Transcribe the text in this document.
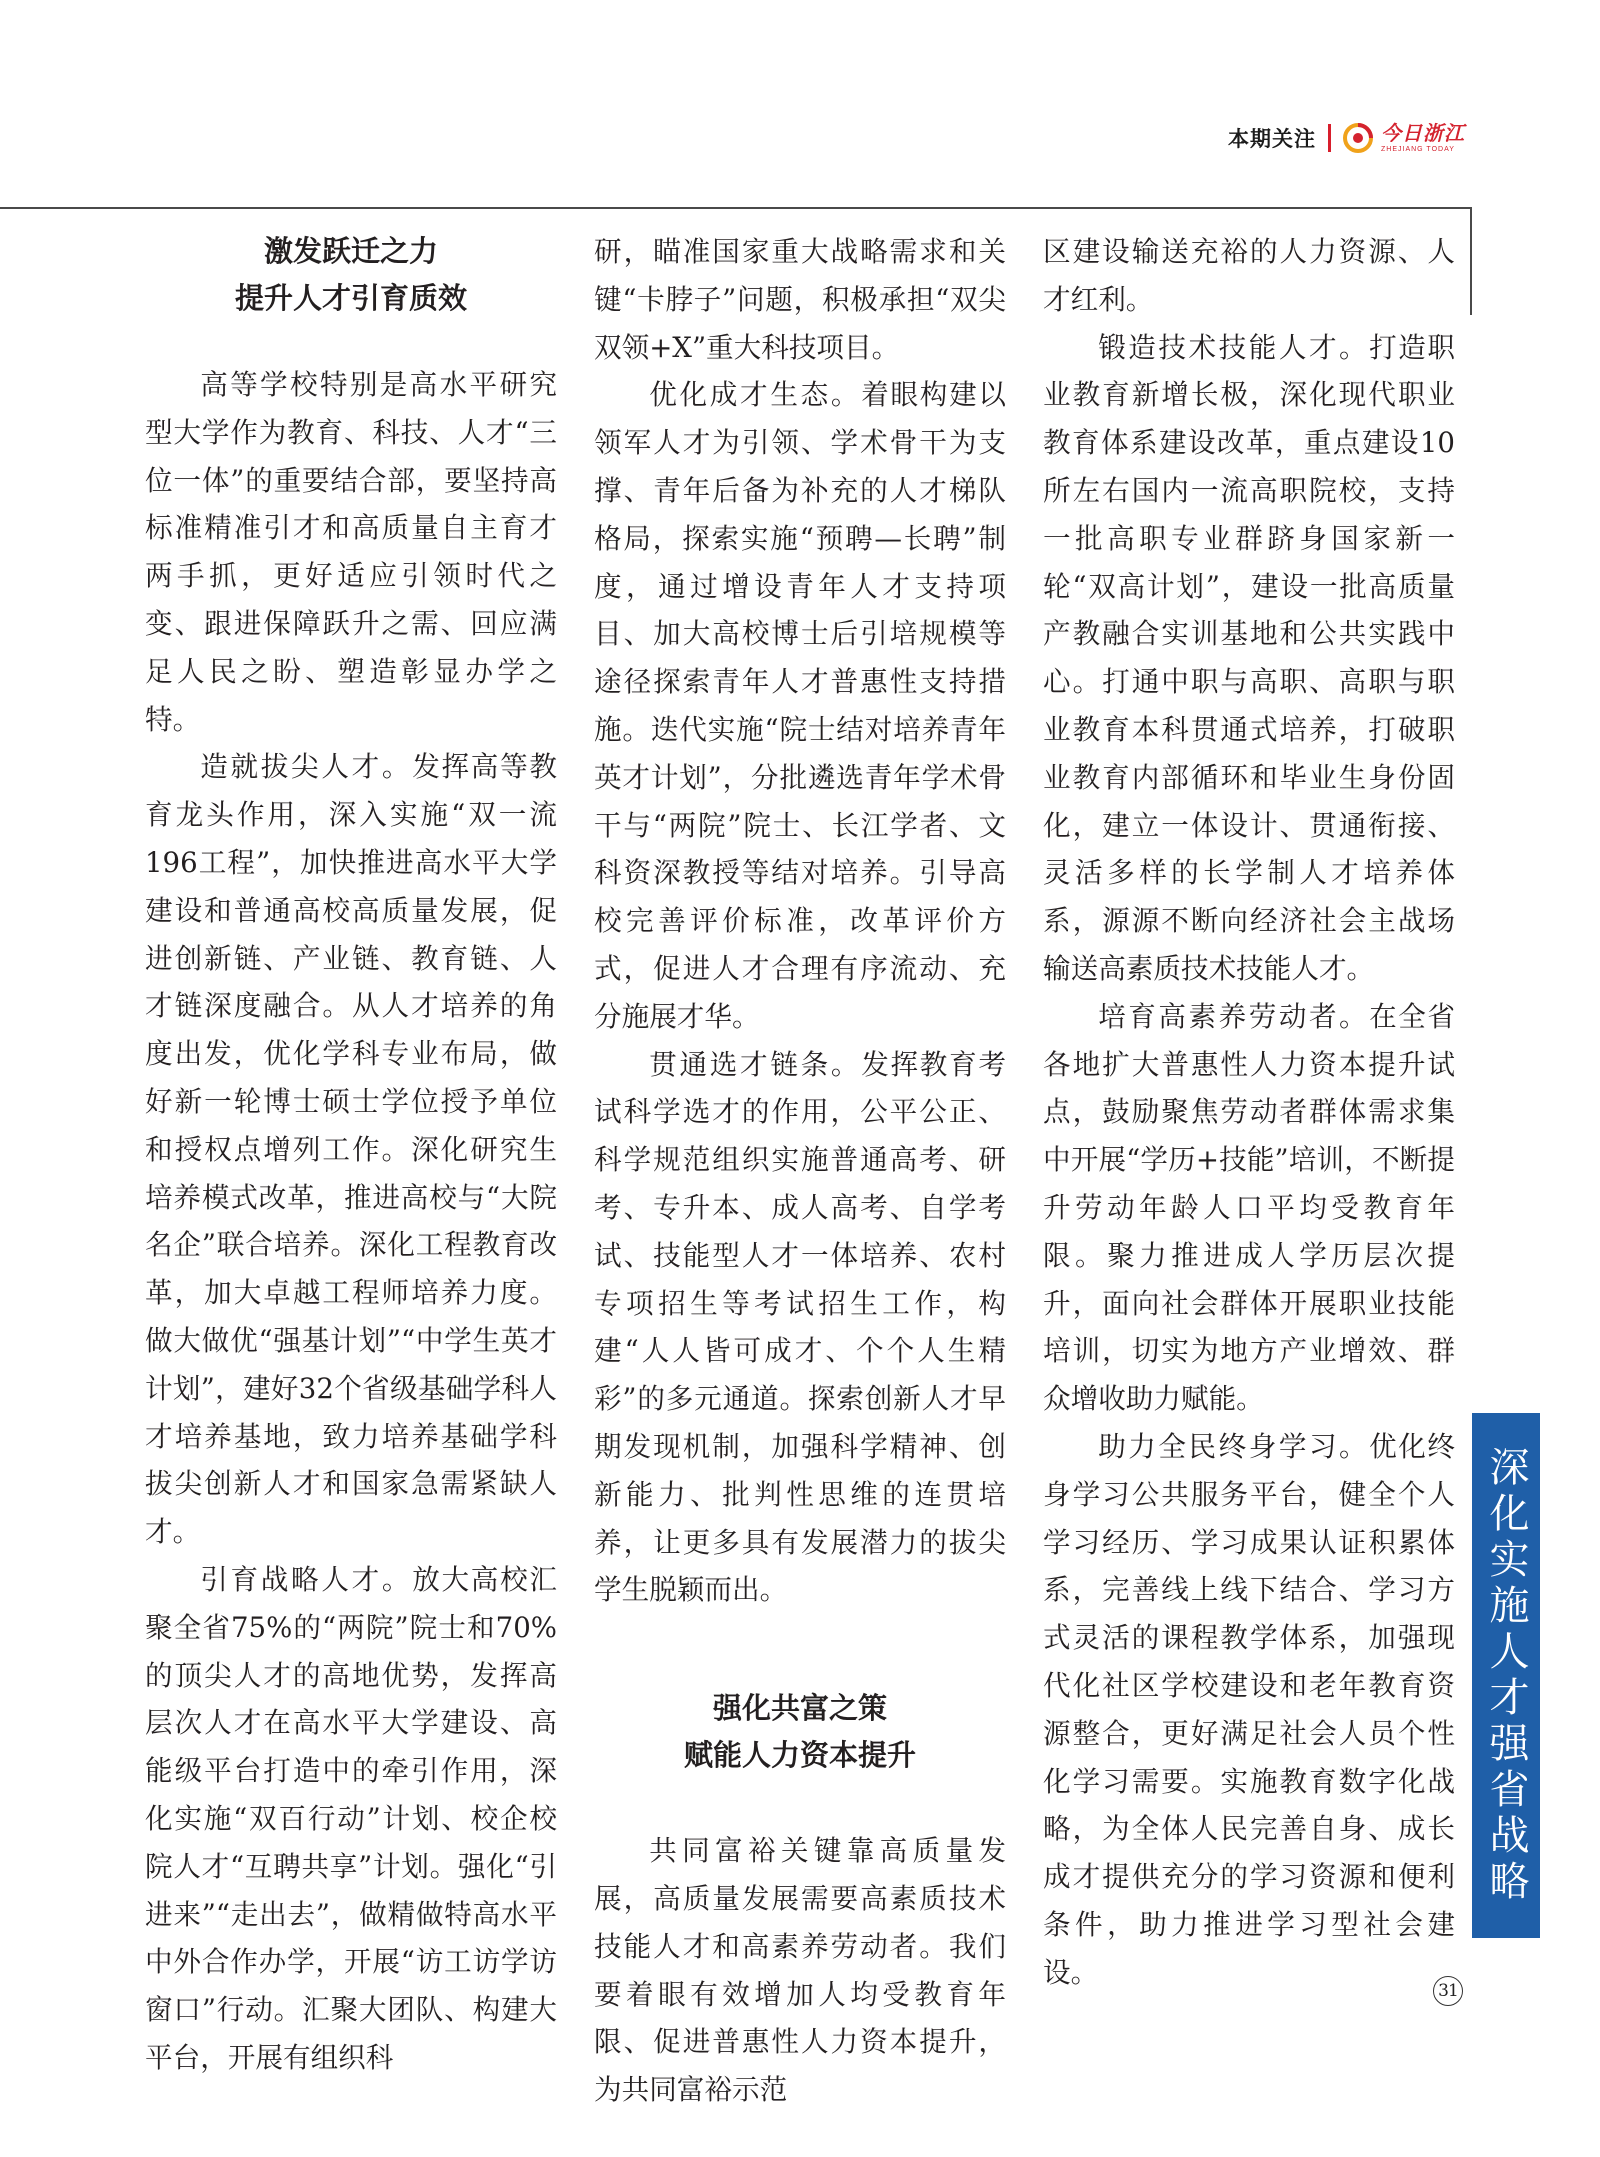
本期关注	今日浙江
ZHEJIANG TODAY
激发跃迁之力
提升人才引育质效

高等学校特别是高水平研究型大学作为教育、科技、人才“三位一体”的重要结合部，要坚持高标准精准引才和高质量自主育才两手抓，更好适应引领时代之变、跟进保障跃升之需、回应满足人民之盼、塑造彰显办学之特。

造就拔尖人才。发挥高等教育龙头作用，深入实施“双一流196工程”，加快推进高水平大学建设和普通高校高质量发展，促进创新链、产业链、教育链、人才链深度融合。从人才培养的角度出发，优化学科专业布局，做好新一轮博士硕士学位授予单位和授权点增列工作。深化研究生培养模式改革，推进高校与“大院名企”联合培养。深化工程教育改革，加大卓越工程师培养力度。做大做优“强基计划”“中学生英才计划”，建好32个省级基础学科人才培养基地，致力培养基础学科拔尖创新人才和国家急需紧缺人才。

引育战略人才。放大高校汇聚全省75%的“两院”院士和70%的顶尖人才的高地优势，发挥高层次人才在高水平大学建设、高能级平台打造中的牵引作用，深化实施“双百行动”计划、校企校院人才“互聘共享”计划。强化“引进来”“走出去”，做精做特高水平中外合作办学，开展“访工访学访窗口”行动。汇聚大团队、构建大平台，开展有组织科

研，瞄准国家重大战略需求和关键“卡脖子”问题，积极承担“双尖双领+X”重大科技项目。

优化成才生态。着眼构建以领军人才为引领、学术骨干为支撑、青年后备为补充的人才梯队格局，探索实施“预聘—长聘”制度，通过增设青年人才支持项目、加大高校博士后引培规模等途径探索青年人才普惠性支持措施。迭代实施“院士结对培养青年英才计划”，分批遴选青年学术骨干与“两院”院士、长江学者、文科资深教授等结对培养。引导高校完善评价标准，改革评价方式，促进人才合理有序流动、充分施展才华。

贯通选才链条。发挥教育考试科学选才的作用，公平公正、科学规范组织实施普通高考、研考、专升本、成人高考、自学考试、技能型人才一体培养、农村专项招生等考试招生工作，构建“人人皆可成才、个个人生精彩”的多元通道。探索创新人才早期发现机制，加强科学精神、创新能力、批判性思维的连贯培养，让更多具有发展潜力的拔尖学生脱颖而出。

强化共富之策
赋能人力资本提升

共同富裕关键靠高质量发展，高质量发展需要高素质技术技能人才和高素养劳动者。我们要着眼有效增加人均受教育年限、促进普惠性人力资本提升，为共同富裕示范

区建设输送充裕的人力资源、人才红利。

锻造技术技能人才。打造职业教育新增长极，深化现代职业教育体系建设改革，重点建设10所左右国内一流高职院校，支持一批高职专业群跻身国家新一轮“双高计划”，建设一批高质量产教融合实训基地和公共实践中心。打通中职与高职、高职与职业教育本科贯通式培养，打破职业教育内部循环和毕业生身份固化，建立一体设计、贯通衔接、灵活多样的长学制人才培养体系，源源不断向经济社会主战场输送高素质技术技能人才。

培育高素养劳动者。在全省各地扩大普惠性人力资本提升试点，鼓励聚焦劳动者群体需求集中开展“学历+技能”培训，不断提升劳动年龄人口平均受教育年限。聚力推进成人学历层次提升，面向社会群体开展职业技能培训，切实为地方产业增效、群众增收助力赋能。

助力全民终身学习。优化终身学习公共服务平台，健全个人学习经历、学习成果认证积累体系，完善线上线下结合、学习方式灵活的课程教学体系，加强现代化社区学校建设和老年教育资源整合，更好满足社会人员个性化学习需要。实施教育数字化战略，为全体人民完善自身、成长成才提供充分的学习资源和便利条件，助力推进学习型社会建设。

深化实施人才强省战略
31
